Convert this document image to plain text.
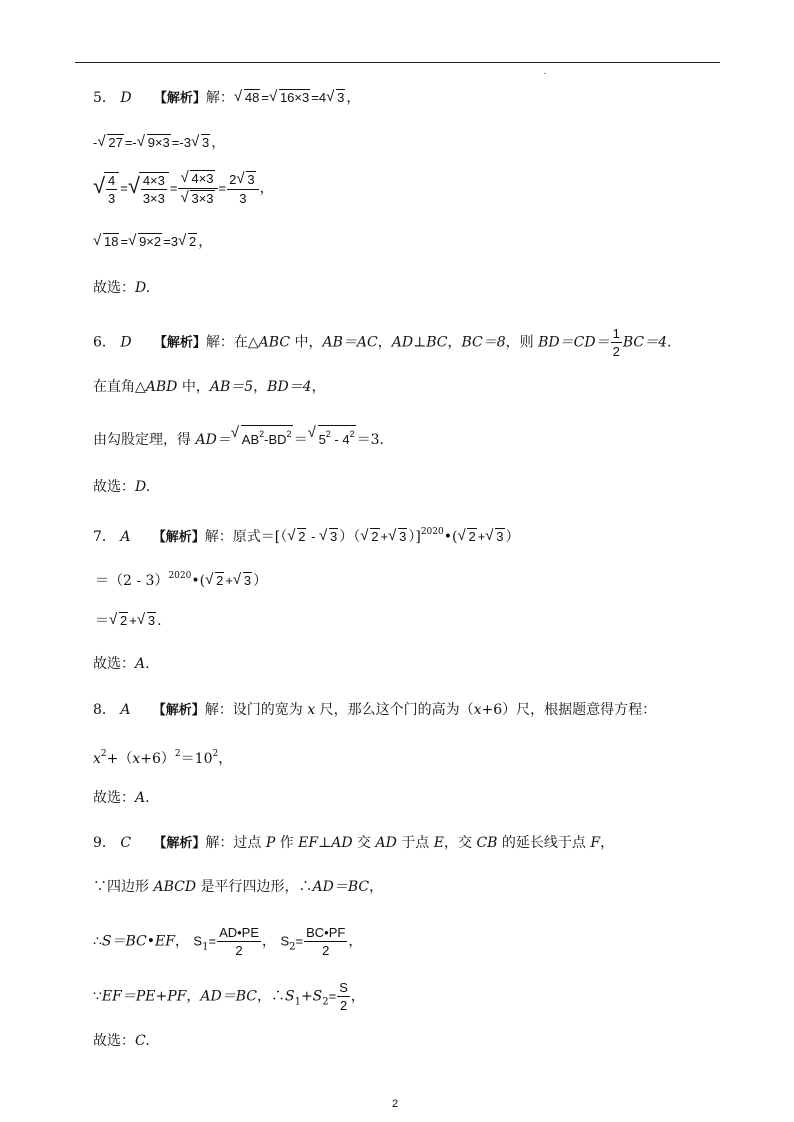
5． D 【解析】解： √ 48 = √ 16×3 =4 √ 3 ，
- √ 27 =- √ 9×3 =-3 √ 3 ，
√ $\frac{4}{3}$ = √ $\frac{4\times 3}{3\times 3}$ = √ 4×3
√ $3\times 3 = \frac{2 √ 3}{3}$ ，
√ 18 = √ 9×2 =3 √ 2 ，
故选：D.
6． D 【解析】解：在△ABC 中，AB＝AC，AD⊥BC，BC＝8，则 $BD=CD= \frac{1}{2} BC=4$.
在直角△ABD 中，AB＝5，BD＝4，
由勾股定理，得 AD＝ √ $AB^2-BD^2$ ＝ √ $5^2 - 4^2 =3$.
故选：D.
7． A 【解析】解：原式＝[（ √ 2 - √ 3 ）（ √ 2 + √ 3 ）]$^{2020}$•( √ 2 + √ 3 ）
＝（2 - 3）$^{2020}$•( √ 2 + √ 3 ）
＝ √ 2 + √ 3 .
故选：A.
8． A 【解析】解：设门的宽为 x 尺，那么这个门的高为（x+6）尺，根据题意得方程：
$x^2+(x+6)^2=10^2$，
故选：A.
9． C 【解析】解：过点 P 作 EF⊥AD 交 AD 于点 E，交 CB 的延长线于点 F，
∵四边形 ABCD 是平行四边形，∴AD＝BC，
∴S＝BC•EF， $S_1= \frac{AD•PE}{2}$ ， $S_2= \frac{BC•PF}{2}$ ，
∵EF＝PE+PF，AD＝BC，$\therefore S_1+S_2= \frac{S}{2}$ ，
故选：C.
2
